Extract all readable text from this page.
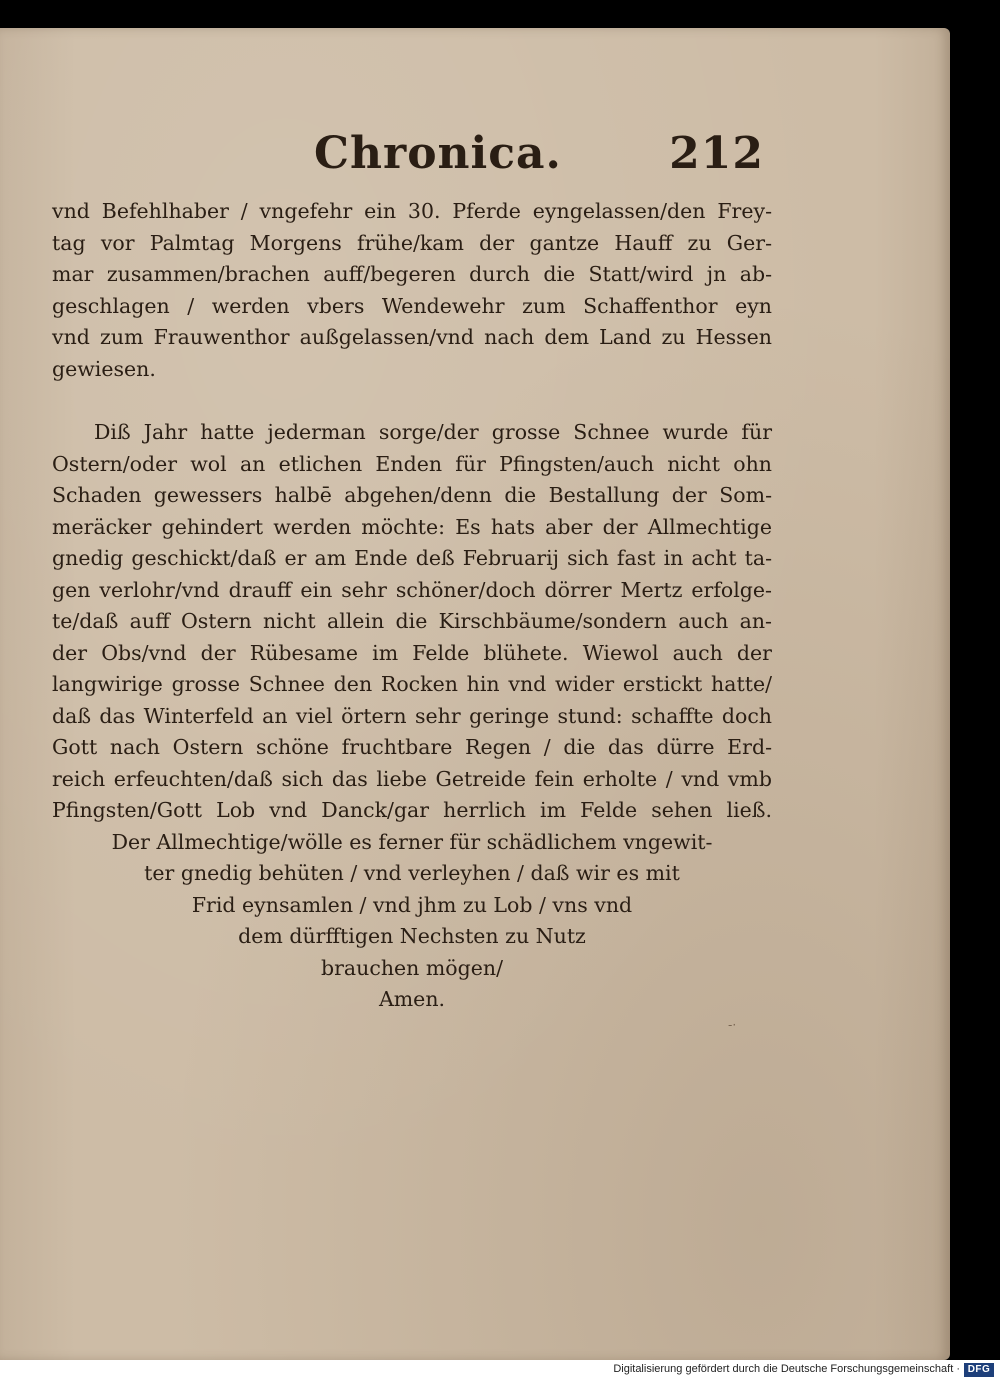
Chronica. 212
vnd Befehlhaber / vngefehr ein 30. Pferde eyngelassen/den Frey-
tag vor Palmtag Morgens frühe/kam der gantze Hauff zu Ger-
mar zusammen/brachen auff/begeren durch die Statt/wird jn ab-
geschlagen / werden vbers Wendewehr zum Schaffenthor eyn
vnd zum Frauwenthor außgelassen/vnd nach dem Land zu Hessen
gewiesen.
Diß Jahr hatte jederman sorge/der grosse Schnee wurde für
Ostern/oder wol an etlichen Enden für Pfingsten/auch nicht ohn
Schaden gewessers halbē abgehen/denn die Bestallung der Som-
meräcker gehindert werden möchte: Es hats aber der Allmechtige
gnedig geschickt/daß er am Ende deß Februarij sich fast in acht ta-
gen verlohr/vnd drauff ein sehr schöner/doch dörrer Mertz erfolge-
te/daß auff Ostern nicht allein die Kirschbäume/sondern auch an-
der Obs/vnd der Rübesame im Felde blühete. Wiewol auch der
langwirige grosse Schnee den Rocken hin vnd wider erstickt hatte/
daß das Winterfeld an viel örtern sehr geringe stund: schaffte doch
Gott nach Ostern schöne fruchtbare Regen / die das dürre Erd-
reich erfeuchten/daß sich das liebe Getreide fein erholte / vnd vmb
Pfingsten/Gott Lob vnd Danck/gar herrlich im Felde sehen ließ.
Der Allmechtige/wölle es ferner für schädlichem vngewit-
ter gnedig behüten / vnd verleyhen / daß wir es mit
Frid eynsamlen / vnd jhm zu Lob / vns vnd
dem dürfftigen Nechsten zu Nutz
brauchen mögen/
Amen.
-·
Digitalisierung gefördert durch die Deutsche Forschungsgemeinschaft · DFG
